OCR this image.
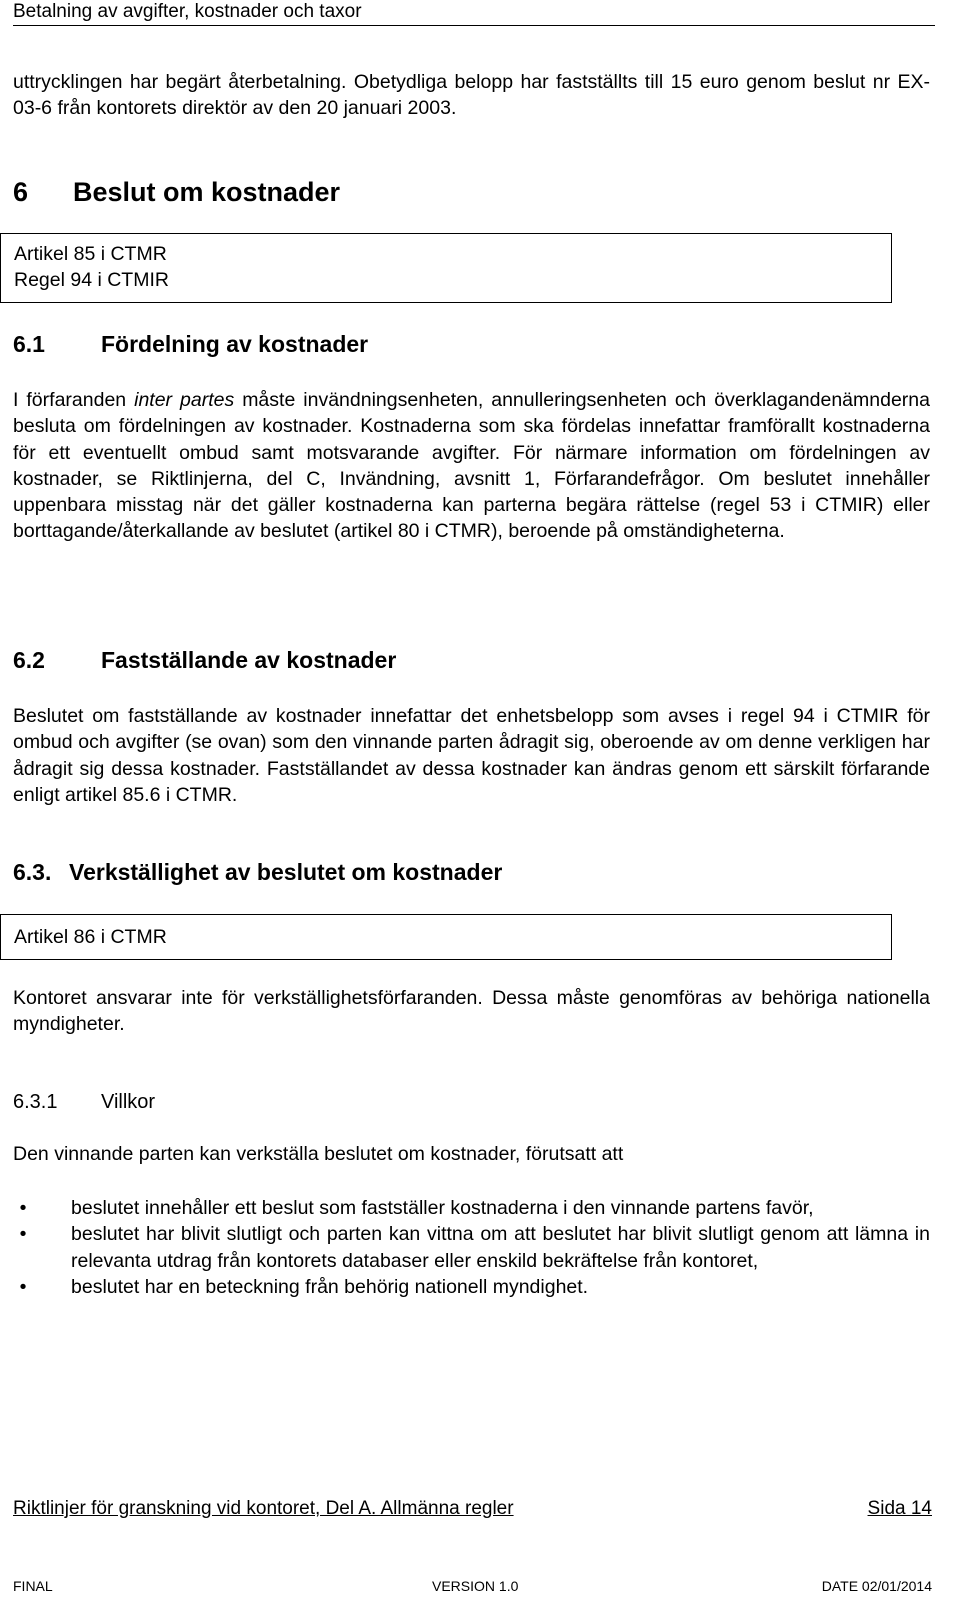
Betalning av avgifter, kostnader och taxor
uttrycklingen har begärt återbetalning. Obetydliga belopp har fastställts till 15 euro genom beslut nr EX-03-6 från kontorets direktör av den 20 januari 2003.
6 Beslut om kostnader
Artikel 85 i CTMR
Regel 94 i CTMIR
6.1 Fördelning av kostnader
I förfaranden inter partes måste invändningsenheten, annulleringsenheten och överklagandenämnderna besluta om fördelningen av kostnader. Kostnaderna som ska fördelas innefattar framförallt kostnaderna för ett eventuellt ombud samt motsvarande avgifter. För närmare information om fördelningen av kostnader, se Riktlinjerna, del C, Invändning, avsnitt 1, Förfarandefrågor. Om beslutet innehåller uppenbara misstag när det gäller kostnaderna kan parterna begära rättelse (regel 53 i CTMIR) eller borttagande/återkallande av beslutet (artikel 80 i CTMR), beroende på omständigheterna.
6.2 Fastställande av kostnader
Beslutet om fastställande av kostnader innefattar det enhetsbelopp som avses i regel 94 i CTMIR för ombud och avgifter (se ovan) som den vinnande parten ådragit sig, oberoende av om denne verkligen har ådragit sig dessa kostnader. Fastställandet av dessa kostnader kan ändras genom ett särskilt förfarande enligt artikel 85.6 i CTMR.
6.3. Verkställighet av beslutet om kostnader
Artikel 86 i CTMR
Kontoret ansvarar inte för verkställighetsförfaranden. Dessa måste genomföras av behöriga nationella myndigheter.
6.3.1 Villkor
Den vinnande parten kan verkställa beslutet om kostnader, förutsatt att
•	beslutet innehåller ett beslut som fastställer kostnaderna i den vinnande partens favör,
•	beslutet har blivit slutligt och parten kan vittna om att beslutet har blivit slutligt genom att lämna in relevanta utdrag från kontorets databaser eller enskild bekräftelse från kontoret,
•	beslutet har en beteckning från behörig nationell myndighet.
Riktlinjer för granskning vid kontoret, Del A. Allmänna regler	Sida 14
FINAL	VERSION 1.0	DATE 02/01/2014
